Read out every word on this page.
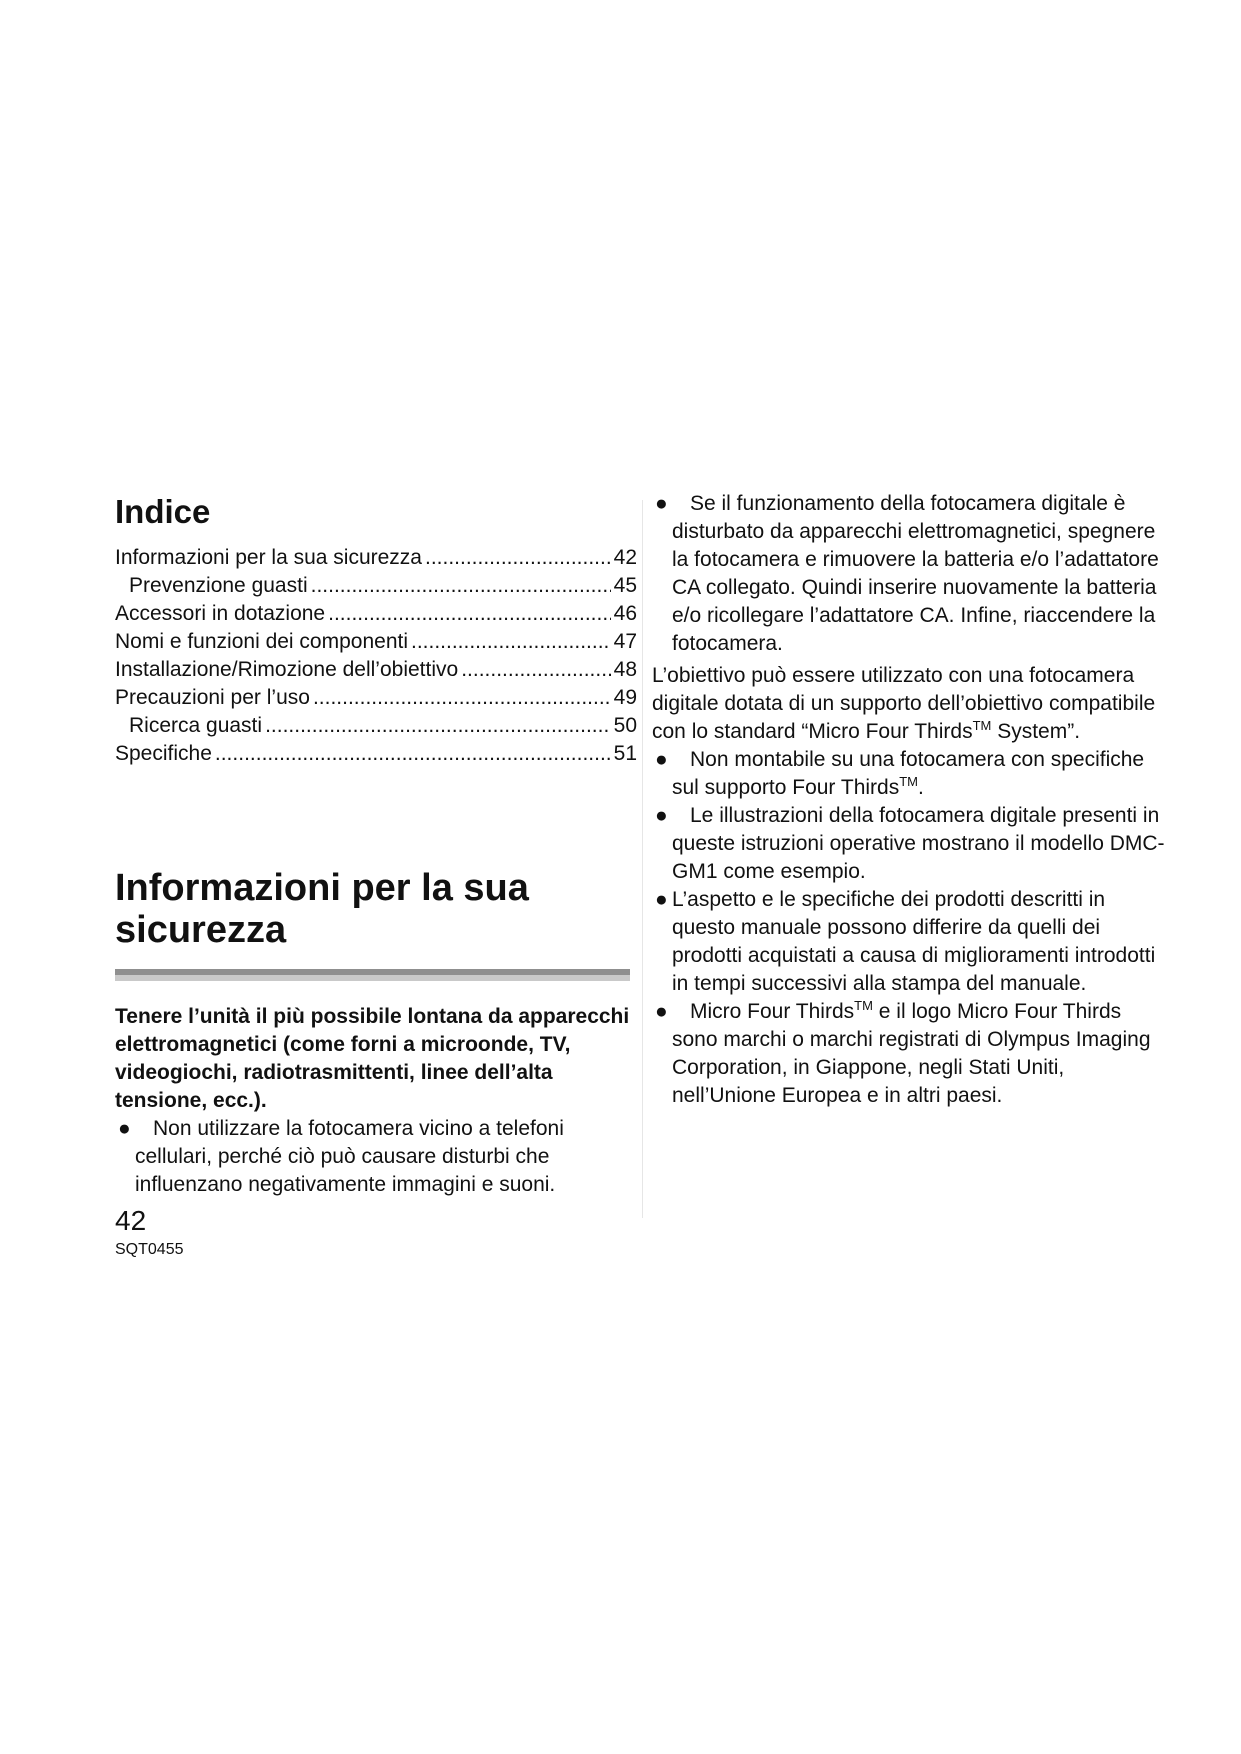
Indice
Informazioni per la sua sicurezza .....	42
Prevenzione guasti .....	45
Accessori in dotazione .....	46
Nomi e funzioni dei componenti .....	47
Installazione/Rimozione dell’obiettivo .....	48
Precauzioni per l’uso .....	49
Ricerca guasti .....	50
Specifiche .....	51
Informazioni per la sua sicurezza

Tenere l’unità il più possibile lontana da apparecchi elettromagnetici (come forni a microonde, TV, videogiochi, radiotrasmittenti, linee dell’alta tensione, ecc.).

● Non utilizzare la fotocamera vicino a telefoni cellulari, perché ciò può causare disturbi che influenzano negativamente immagini e suoni.
● Se il funzionamento della fotocamera digitale è disturbato da apparecchi elettromagnetici, spegnere la fotocamera e rimuovere la batteria e/o l’adattatore CA collegato. Quindi inserire nuovamente la batteria e/o ricollegare l’adattatore CA. Infine, riaccendere la fotocamera.

L’obiettivo può essere utilizzato con una fotocamera digitale dotata di un supporto dell’obiettivo compatibile con lo standard “Micro Four Thirds™ System”.

● Non montabile su una fotocamera con specifiche sul supporto Four Thirds™.
● Le illustrazioni della fotocamera digitale presenti in queste istruzioni operative mostrano il modello DMC-GM1 come esempio.
● L’aspetto e le specifiche dei prodotti descritti in questo manuale possono differire da quelli dei prodotti acquistati a causa di miglioramenti introdotti in tempi successivi alla stampa del manuale.
● Micro Four Thirds™ e il logo Micro Four Thirds sono marchi o marchi registrati di Olympus Imaging Corporation, in Giappone, negli Stati Uniti, nell’Unione Europea e in altri paesi.
42
SQT0455
